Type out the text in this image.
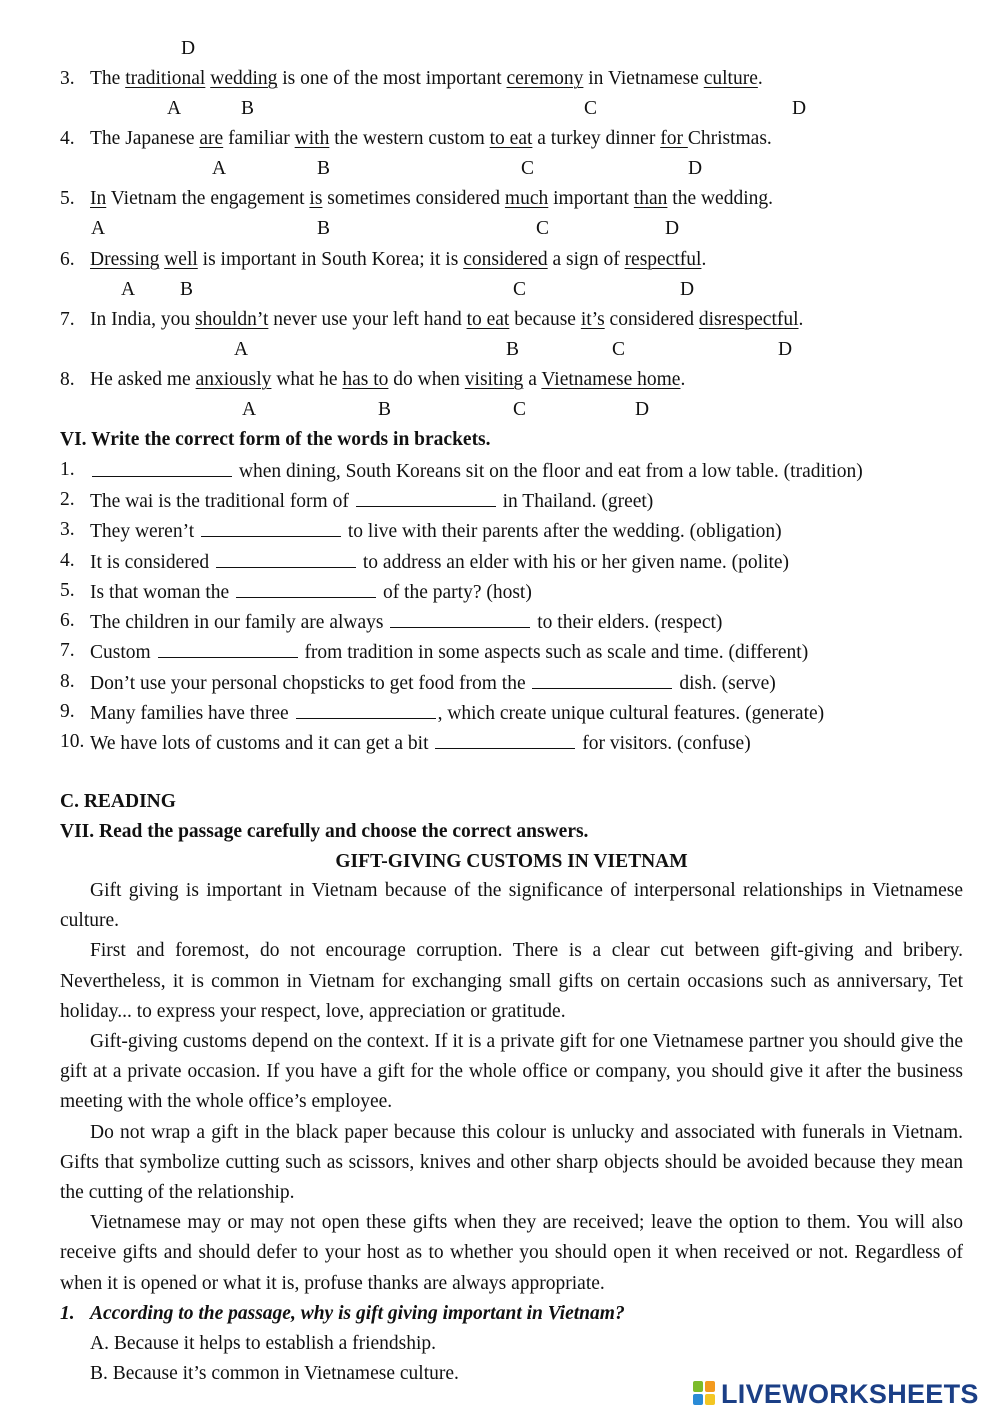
D
3. The traditional wedding is one of the most important ceremony in Vietnamese culture.
A	B	C	D
4. The Japanese are familiar with the western custom to eat a turkey dinner for Christmas.
A	B	C	D
5. In Vietnam the engagement is sometimes considered much important than the wedding.
A	B	C	D
6. Dressing well is important in South Korea; it is considered a sign of respectful.
A B	C	D
7. In India, you shouldn’t never use your left hand to eat because it’s considered disrespectful.
A	B	C	D
8. He asked me anxiously what he has to do when visiting a Vietnamese home.
A	B	C	D
VI. Write the correct form of the words in brackets.
1.	when dining, South Koreans sit on the floor and eat from a low table. (tradition)
2. The wai is the traditional form of	in Thailand. (greet)
3. They weren’t	to live with their parents after the wedding. (obligation)
4. It is considered	to address an elder with his or her given name. (polite)
5. Is that woman the	of the party? (host)
6. The children in our family are always	to their elders. (respect)
7. Custom	from tradition in some aspects such as scale and time. (different)
8. Don’t use your personal chopsticks to get food from the	dish. (serve)
9. Many families have three	, which create unique cultural features. (generate)
10. We have lots of customs and it can get a bit	for visitors. (confuse)
C. READING
VII. Read the passage carefully and choose the correct answers.
GIFT-GIVING CUSTOMS IN VIETNAM

Gift giving is important in Vietnam because of the significance of interpersonal relationships in Vietnamese culture.

First and foremost, do not encourage corruption. There is a clear cut between gift-giving and bribery. Nevertheless, it is common in Vietnam for exchanging small gifts on certain occasions such as anniversary, Tet holiday... to express your respect, love, appreciation or gratitude.

Gift-giving customs depend on the context. If it is a private gift for one Vietnamese partner you should give the gift at a private occasion. If you have a gift for the whole office or company, you should give it after the business meeting with the whole office’s employee.

Do not wrap a gift in the black paper because this colour is unlucky and associated with funerals in Vietnam. Gifts that symbolize cutting such as scissors, knives and other sharp objects should be avoided because they mean the cutting of the relationship.

Vietnamese may or may not open these gifts when they are received; leave the option to them. You will also receive gifts and should defer to your host as to whether you should open it when received or not. Regardless of when it is opened or what it is, profuse thanks are always appropriate.

1. According to the passage, why is gift giving important in Vietnam?
A. Because it helps to establish a friendship.
B. Because it’s common in Vietnamese culture.
LIVEWORKSHEETS
